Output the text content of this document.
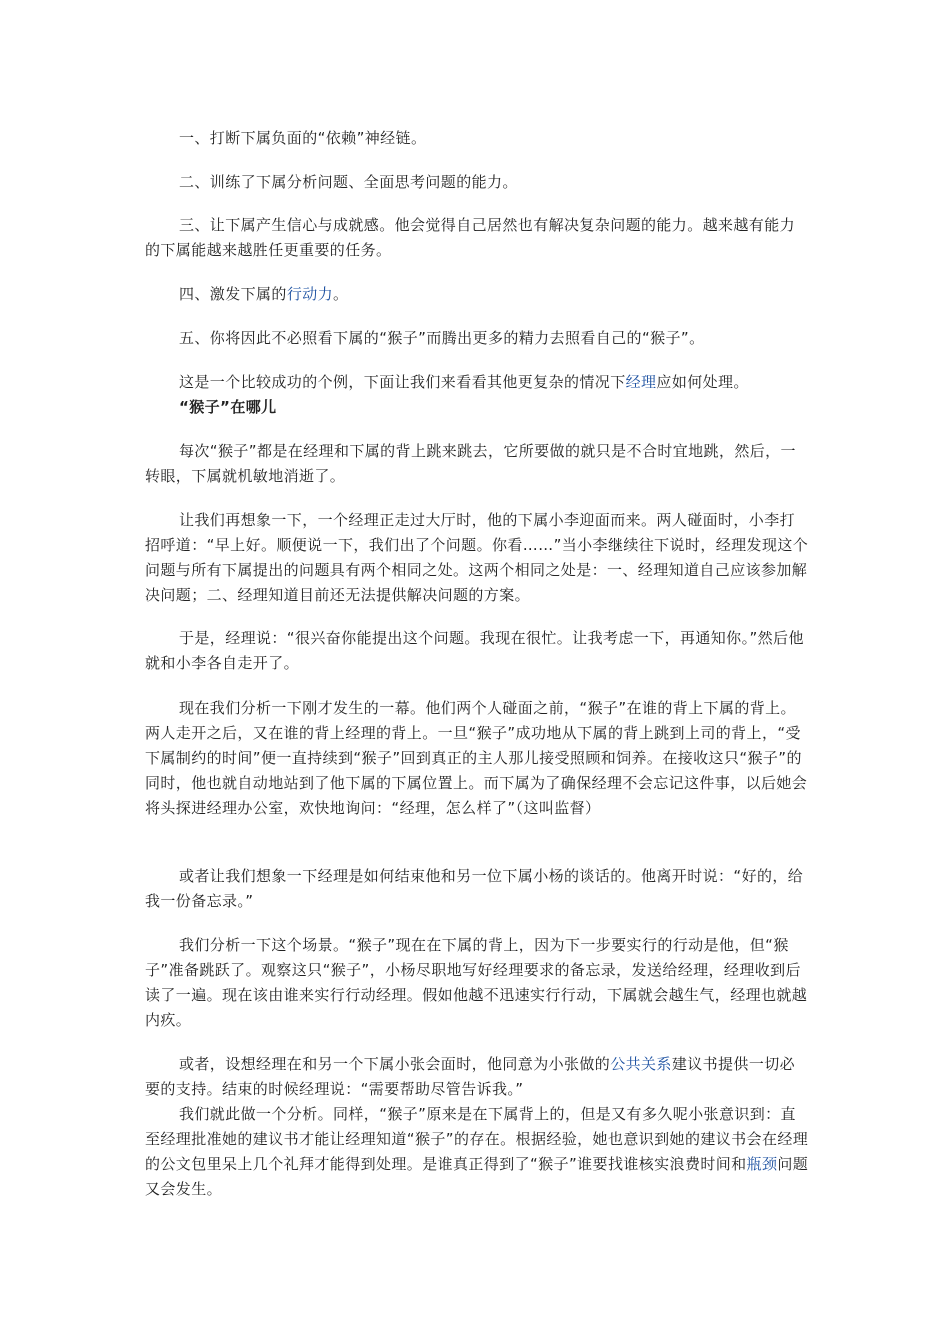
一、打断下属负面的“依赖”神经链。

二、训练了下属分析问题、全面思考问题的能力。

三、让下属产生信心与成就感。他会觉得自己居然也有解决复杂问题的能力。越来越有能力的下属能越来越胜任更重要的任务。

四、激发下属的行动力。

五、你将因此不必照看下属的“猴子”而腾出更多的精力去照看自己的“猴子”。

这是一个比较成功的个例，下面让我们来看看其他更复杂的情况下经理应如何处理。

“猴子”在哪儿

每次“猴子”都是在经理和下属的背上跳来跳去，它所要做的就只是不合时宜地跳，然后，一转眼，下属就机敏地消逝了。

让我们再想象一下，一个经理正走过大厅时，他的下属小李迎面而来。两人碰面时，小李打招呼道：“早上好。顺便说一下，我们出了个问题。你看……”当小李继续往下说时，经理发现这个问题与所有下属提出的问题具有两个相同之处。这两个相同之处是：一、经理知道自己应该参加解决问题；二、经理知道目前还无法提供解决问题的方案。

于是，经理说：“很兴奋你能提出这个问题。我现在很忙。让我考虑一下，再通知你。”然后他就和小李各自走开了。

现在我们分析一下刚才发生的一幕。他们两个人碰面之前，“猴子”在谁的背上下属的背上。两人走开之后，又在谁的背上经理的背上。一旦“猴子”成功地从下属的背上跳到上司的背上，“受下属制约的时间”便一直持续到“猴子”回到真正的主人那儿接受照顾和饲养。在接收这只“猴子”的同时，他也就自动地站到了他下属的下属位置上。而下属为了确保经理不会忘记这件事，以后她会将头探进经理办公室，欢快地询问：“经理，怎么样了”（这叫监督）

或者让我们想象一下经理是如何结束他和另一位下属小杨的谈话的。他离开时说：“好的，给我一份备忘录。”

我们分析一下这个场景。“猴子”现在在下属的背上，因为下一步要实行的行动是他，但“猴子”准备跳跃了。观察这只“猴子”，小杨尽职地写好经理要求的备忘录，发送给经理，经理收到后读了一遍。现在该由谁来实行行动经理。假如他越不迅速实行行动，下属就会越生气，经理也就越内疚。

或者，设想经理在和另一个下属小张会面时，他同意为小张做的公共关系建议书提供一切必要的支持。结束的时候经理说：“需要帮助尽管告诉我。”

我们就此做一个分析。同样，“猴子”原来是在下属背上的，但是又有多久呢小张意识到：直至经理批准她的建议书才能让经理知道“猴子”的存在。根据经验，她也意识到她的建议书会在经理的公文包里呆上几个礼拜才能得到处理。是谁真正得到了“猴子”谁要找谁核实浪费时间和瓶颈问题又会发生。
